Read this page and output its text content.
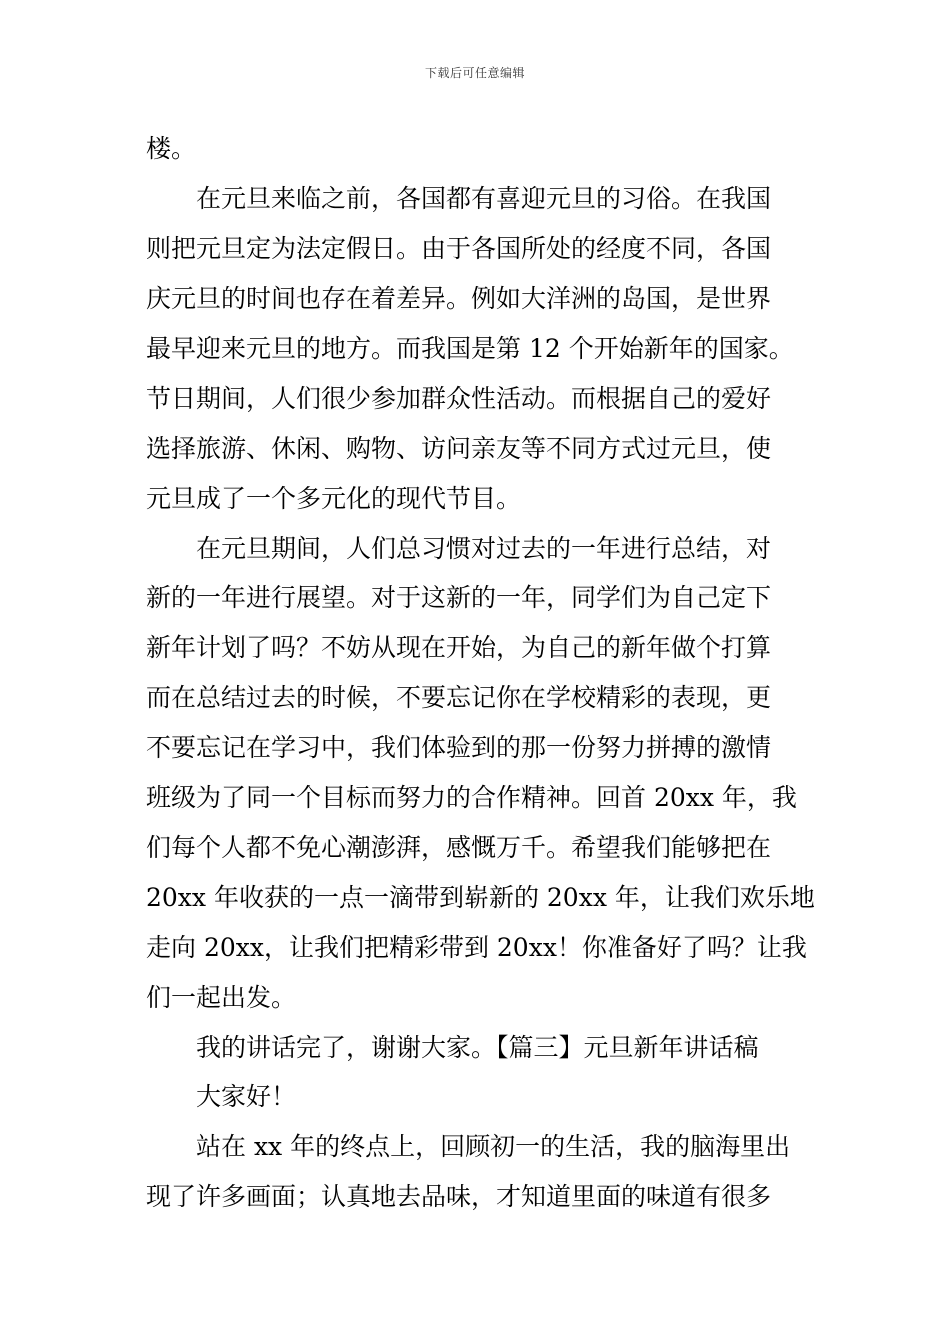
下载后可任意编辑
楼。
在元旦来临之前，各国都有喜迎元旦的习俗。在我国
则把元旦定为法定假日。由于各国所处的经度不同，各国
庆元旦的时间也存在着差异。例如大洋洲的岛国，是世界
最早迎来元旦的地方。而我国是第 12 个开始新年的国家。
节日期间，人们很少参加群众性活动。而根据自己的爱好
选择旅游、休闲、购物、访问亲友等不同方式过元旦，使
元旦成了一个多元化的现代节目。
在元旦期间，人们总习惯对过去的一年进行总结，对
新的一年进行展望。对于这新的一年，同学们为自己定下
新年计划了吗？不妨从现在开始，为自己的新年做个打算
而在总结过去的时候，不要忘记你在学校精彩的表现，更
不要忘记在学习中，我们体验到的那一份努力拼搏的激情
班级为了同一个目标而努力的合作精神。回首 20xx 年，我
们每个人都不免心潮澎湃，感慨万千。希望我们能够把在
20xx 年收获的一点一滴带到崭新的 20xx 年，让我们欢乐地
走向 20xx，让我们把精彩带到 20xx！你准备好了吗？让我
们一起出发。
我的讲话完了，谢谢大家。【篇三】元旦新年讲话稿
大家好！
站在 xx 年的终点上，回顾初一的生活，我的脑海里出
现了许多画面；认真地去品味，才知道里面的味道有很多
